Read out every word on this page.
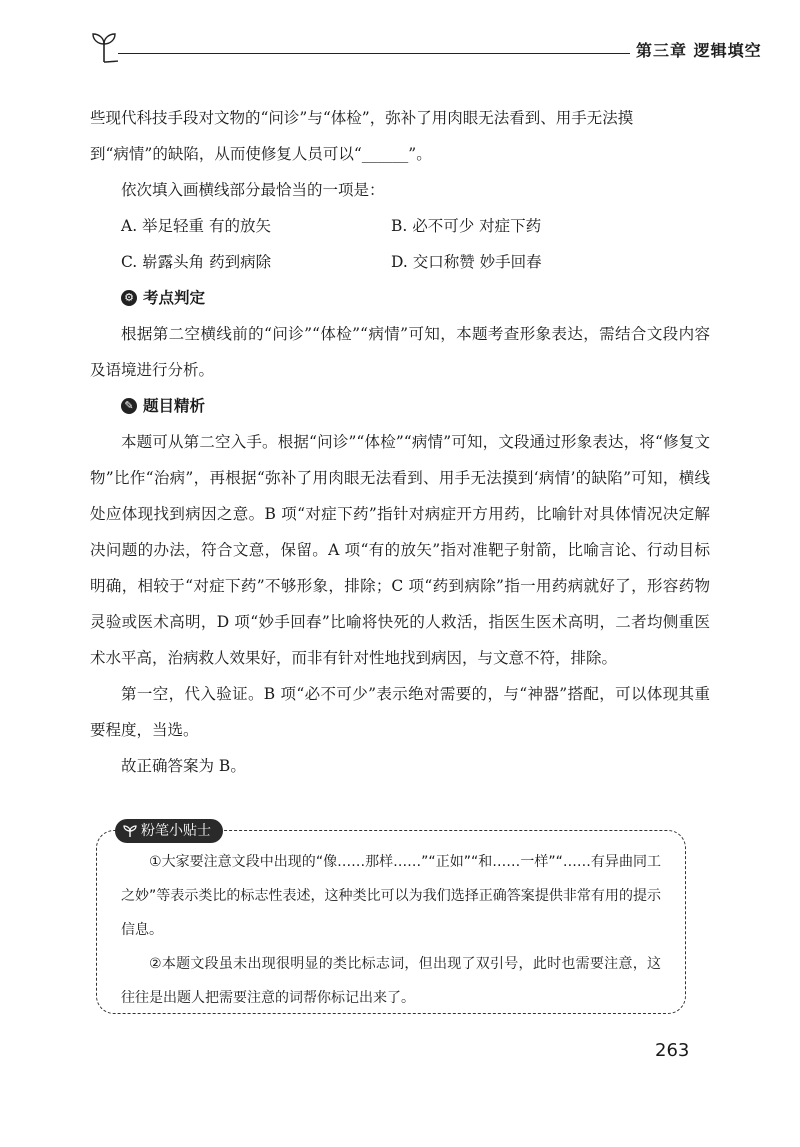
第三章 逻辑填空

些现代科技手段对文物的“问诊”与“体检”，弥补了用肉眼无法看到、用手无法摸

到“病情”的缺陷，从而使修复人员可以“______”。

依次填入画横线部分最恰当的一项是：

A. 举足轻重 有的放矢	B. 必不可少 对症下药
C. 崭露头角 药到病除	D. 交口称赞 妙手回春
⚙ 考点判定

根据第二空横线前的“问诊”“体检”“病情”可知，本题考查形象表达，需结合文段内容及语境进行分析。

✎ 题目精析

本题可从第二空入手。根据“问诊”“体检”“病情”可知，文段通过形象表达，将“修复文物”比作“治病”，再根据“弥补了用肉眼无法看到、用手无法摸到‘病情’的缺陷”可知，横线处应体现找到病因之意。B 项“对症下药”指针对病症开方用药，比喻针对具体情况决定解决问题的办法，符合文意，保留。A 项“有的放矢”指对准靶子射箭，比喻言论、行动目标明确，相较于“对症下药”不够形象，排除；C 项“药到病除”指一用药病就好了，形容药物灵验或医术高明，D 项“妙手回春”比喻将快死的人救活，指医生医术高明，二者均侧重医术水平高，治病救人效果好，而非有针对性地找到病因，与文意不符，排除。

第一空，代入验证。B 项“必不可少”表示绝对需要的，与“神器”搭配，可以体现其重要程度，当选。

故正确答案为 B。

粉笔小贴士

①大家要注意文段中出现的“像……那样……”“正如”“和……一样”“……有异曲同工之妙”等表示类比的标志性表述，这种类比可以为我们选择正确答案提供非常有用的提示信息。

②本题文段虽未出现很明显的类比标志词，但出现了双引号，此时也需要注意，这往往是出题人把需要注意的词帮你标记出来了。

263
